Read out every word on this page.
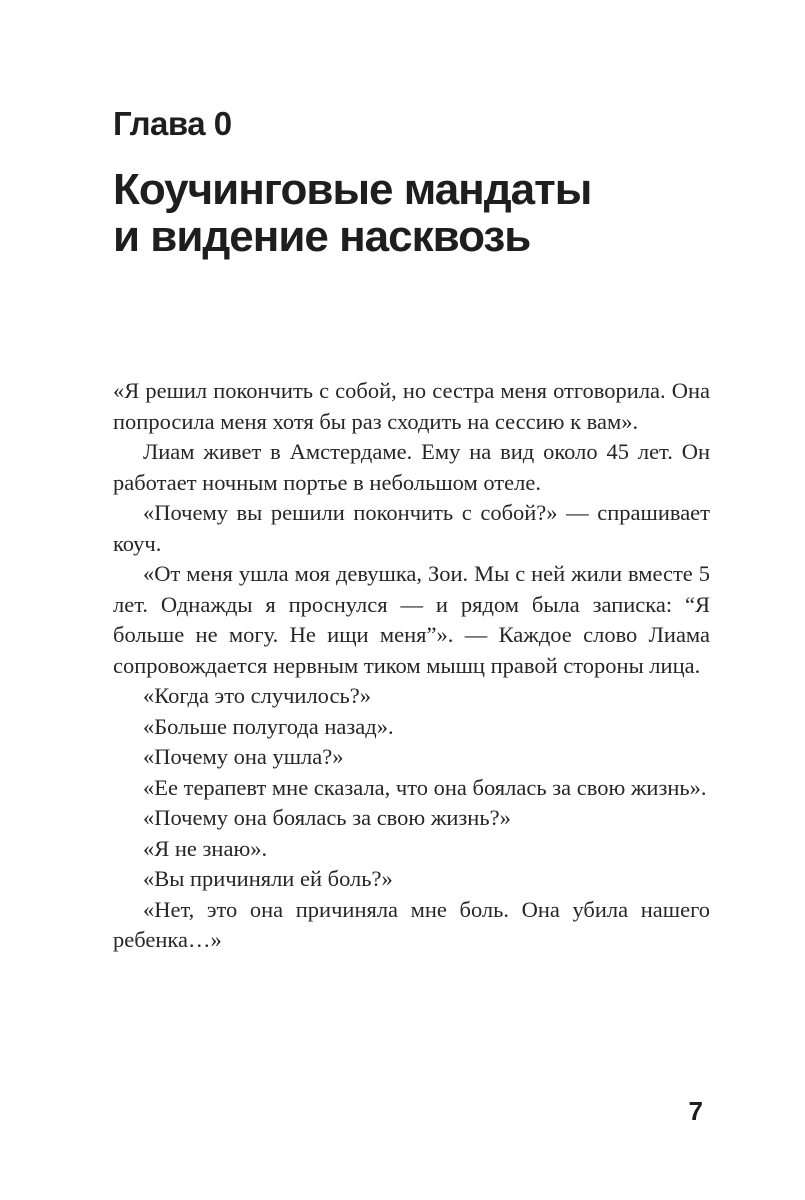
Глава 0
Коучинговые мандаты
и видение насквозь

«Я решил покончить с собой, но сестра меня отговорила. Она попросила меня хотя бы раз сходить на сессию к вам».

Лиам живет в Амстердаме. Ему на вид около 45 лет. Он работает ночным портье в небольшом отеле.

«Почему вы решили покончить с собой?» — спрашивает коуч.

«От меня ушла моя девушка, Зои. Мы с ней жили вместе 5 лет. Однажды я проснулся — и рядом была записка: “Я больше не могу. Не ищи меня”». — Каждое слово Лиама сопровождается нервным тиком мышц правой стороны лица.

«Когда это случилось?»

«Больше полугода назад».

«Почему она ушла?»

«Ее терапевт мне сказала, что она боялась за свою жизнь».

«Почему она боялась за свою жизнь?»

«Я не знаю».

«Вы причиняли ей боль?»

«Нет, это она причиняла мне боль. Она убила нашего ребенка…»

7
